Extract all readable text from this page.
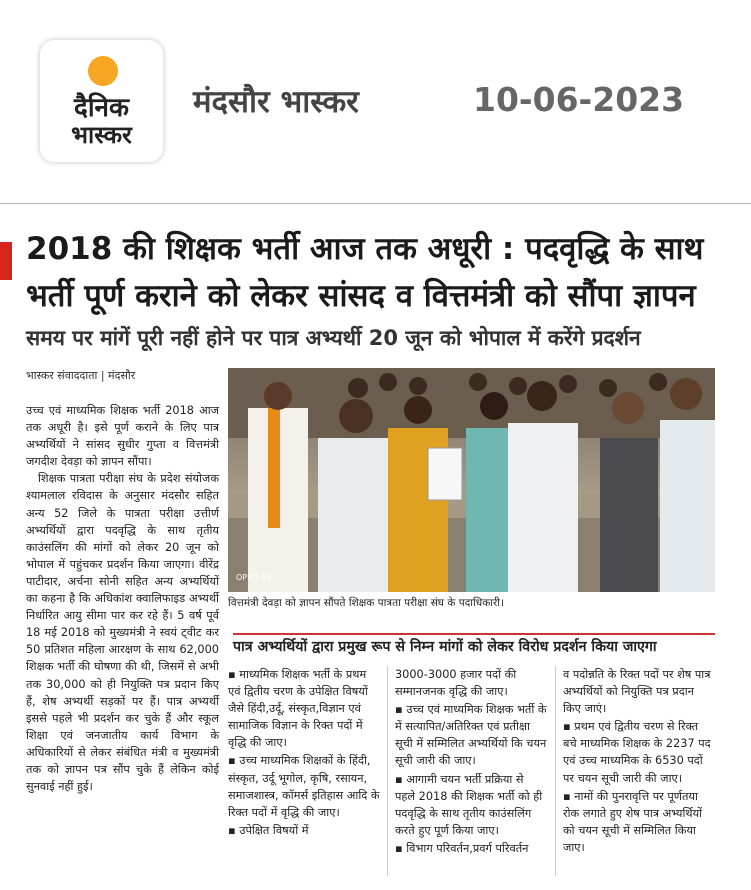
दैनिक
भास्कर
मंदसौर भास्कर	10-06-2023
2018 की शिक्षक भर्ती आज तक अधूरी : पदवृद्धि के साथ
भर्ती पूर्ण कराने को लेकर सांसद व वित्तमंत्री को सौंपा ज्ञापन
समय पर मांगें पूरी नहीं होने पर पात्र अभ्यर्थी 20 जून को भोपाल में करेंगे प्रदर्शन
भास्कर संवाददाता | मंदसौर

उच्च एवं माध्यमिक शिक्षक भर्ती 2018 आज तक अधूरी है। इसे पूर्ण कराने के लिए पात्र अभ्यर्थियों ने सांसद सुधीर गुप्ता व वित्तमंत्री जगदीश देवड़ा को ज्ञापन सौंपा।

शिक्षक पात्रता परीक्षा संघ के प्रदेश संयोजक श्यामलाल रविदास के अनुसार मंदसौर सहित अन्य 52 जिले के पात्रता परीक्षा उत्तीर्ण अभ्यर्थियों द्वारा पदवृद्धि के साथ तृतीय काउंसलिंग की मांगों को लेकर 20 जून को भोपाल में पहुंचकर प्रदर्शन किया जाएगा। वीरेंद्र पाटीदार, अर्चना सोनी सहित अन्य अभ्यर्थियों का कहना है कि अधिकांश क्वालिफाइड अभ्यर्थी निर्धारित आयु सीमा पार कर रहे हैं। 5 वर्ष पूर्व 18 मई 2018 को मुख्यमंत्री ने स्वयं ट्वीट कर 50 प्रतिशत महिला आरक्षण के साथ 62,000 शिक्षक भर्ती की घोषणा की थी, जिसमें से अभी तक 30,000 को ही नियुक्ति पत्र प्रदान किए हैं, शेष अभ्यर्थी सड़कों पर हैं। पात्र अभ्यर्थी इससे पहले भी प्रदर्शन कर चुके हैं और स्कूल शिक्षा एवं जनजातीय कार्य विभाग के अधिकारियों से लेकर संबंधित मंत्री व मुख्यमंत्री तक को ज्ञापन पत्र सौंप चुके हैं लेकिन कोई सुनवाई नहीं हुई।

OPPO A5
वित्तमंत्री देवड़ा को ज्ञापन सौंपते शिक्षक पात्रता परीक्षा संघ के पदाधिकारी।
पात्र अभ्यर्थियों द्वारा प्रमुख रूप से निम्न मांगों को लेकर विरोध प्रदर्शन किया जाएगा
▪ माध्यमिक शिक्षक भर्ती के प्रथम एवं द्वितीय चरण के उपेक्षित विषयों जैसे हिंदी,उर्दू, संस्कृत,विज्ञान एवं सामाजिक विज्ञान के रिक्त पदों में वृद्धि की जाए।
▪ उच्च माध्यमिक शिक्षकों के हिंदी, संस्कृत, उर्दू भूगोल, कृषि, रसायन, समाजशास्त्र, कॉमर्स इतिहास आदि के रिक्त पदों में वृद्धि की जाए।
▪ उपेक्षित विषयों में
3000-3000 हजार पदों की सम्मानजनक वृद्धि की जाए।
▪ उच्च एवं माध्यमिक शिक्षक भर्ती के में सत्यापित/अतिरिक्त एवं प्रतीक्षा सूची में सम्मिलित अभ्यर्थियों कि चयन सूची जारी की जाए।
▪ आगामी चयन भर्ती प्रक्रिया से पहले 2018 की शिक्षक भर्ती को ही पदवृद्धि के साथ तृतीय काउंसलिंग करते हुए पूर्ण किया जाए।
▪ विभाग परिवर्तन,प्रवर्ग परिवर्तन
व पदोन्नति के रिक्त पदों पर शेष पात्र अभ्यर्थियों को नियुक्ति पत्र प्रदान किए जाएं।
▪ प्रथम एवं द्वितीय चरण से रिक्त बचे माध्यमिक शिक्षक के 2237 पद एवं उच्च माध्यमिक के 6530 पदों पर चयन सूची जारी की जाए।
▪ नामों की पुनरावृत्ति पर पूर्णतया रोक लगाते हुए शेष पात्र अभ्यर्थियों को चयन सूची में सम्मिलित किया जाए।
